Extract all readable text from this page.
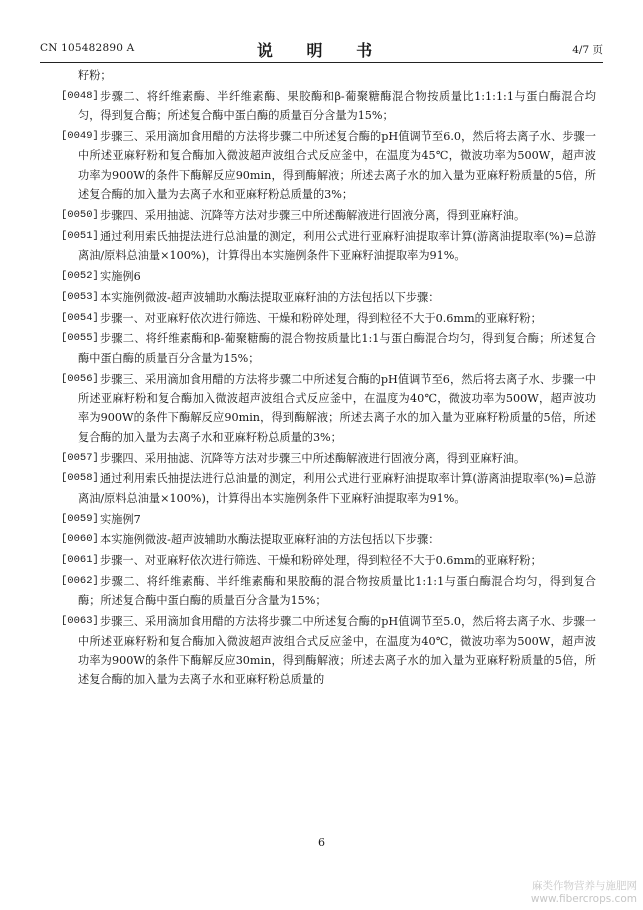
CN 105482890 A	说 明 书	4/7 页
籽粉；
[0048] 步骤二、将纤维素酶、半纤维素酶、果胶酶和β-葡聚糖酶混合物按质量比1:1:1:1与蛋白酶混合均匀，得到复合酶；所述复合酶中蛋白酶的质量百分含量为15%；
[0049] 步骤三、采用滴加食用醋的方法将步骤二中所述复合酶的pH值调节至6.0，然后将去离子水、步骤一中所述亚麻籽粉和复合酶加入微波超声波组合式反应釜中，在温度为45℃，微波功率为500W，超声波功率为900W的条件下酶解反应90min，得到酶解液；所述去离子水的加入量为亚麻籽粉质量的5倍，所述复合酶的加入量为去离子水和亚麻籽粉总质量的3%；
[0050] 步骤四、采用抽滤、沉降等方法对步骤三中所述酶解液进行固液分离，得到亚麻籽油。
[0051] 通过利用索氏抽提法进行总油量的测定，利用公式进行亚麻籽油提取率计算(游离油提取率(%)=总游离油/原料总油量×100%)，计算得出本实施例条件下亚麻籽油提取率为91%。
[0052] 实施例6
[0053] 本实施例微波-超声波辅助水酶法提取亚麻籽油的方法包括以下步骤：
[0054] 步骤一、对亚麻籽依次进行筛选、干燥和粉碎处理，得到粒径不大于0.6mm的亚麻籽粉；
[0055] 步骤二、将纤维素酶和β-葡聚糖酶的混合物按质量比1:1与蛋白酶混合均匀，得到复合酶；所述复合酶中蛋白酶的质量百分含量为15%；
[0056] 步骤三、采用滴加食用醋的方法将步骤二中所述复合酶的pH值调节至6，然后将去离子水、步骤一中所述亚麻籽粉和复合酶加入微波超声波组合式反应釜中，在温度为40℃，微波功率为500W，超声波功率为900W的条件下酶解反应90min，得到酶解液；所述去离子水的加入量为亚麻籽粉质量的5倍，所述复合酶的加入量为去离子水和亚麻籽粉总质量的3%；
[0057] 步骤四、采用抽滤、沉降等方法对步骤三中所述酶解液进行固液分离，得到亚麻籽油。
[0058] 通过利用索氏抽提法进行总油量的测定，利用公式进行亚麻籽油提取率计算(游离油提取率(%)=总游离油/原料总油量×100%)，计算得出本实施例条件下亚麻籽油提取率为91%。
[0059] 实施例7
[0060] 本实施例微波-超声波辅助水酶法提取亚麻籽油的方法包括以下步骤：
[0061] 步骤一、对亚麻籽依次进行筛选、干燥和粉碎处理，得到粒径不大于0.6mm的亚麻籽粉；
[0062] 步骤二、将纤维素酶、半纤维素酶和果胶酶的混合物按质量比1:1:1与蛋白酶混合均匀，得到复合酶；所述复合酶中蛋白酶的质量百分含量为15%；
[0063] 步骤三、采用滴加食用醋的方法将步骤二中所述复合酶的pH值调节至5.0，然后将去离子水、步骤一中所述亚麻籽粉和复合酶加入微波超声波组合式反应釜中，在温度为40℃，微波功率为500W，超声波功率为900W的条件下酶解反应30min，得到酶解液；所述去离子水的加入量为亚麻籽粉质量的5倍，所述复合酶的加入量为去离子水和亚麻籽粉总质量的
6
麻类作物营养与施肥网
www.fibercrops.com
